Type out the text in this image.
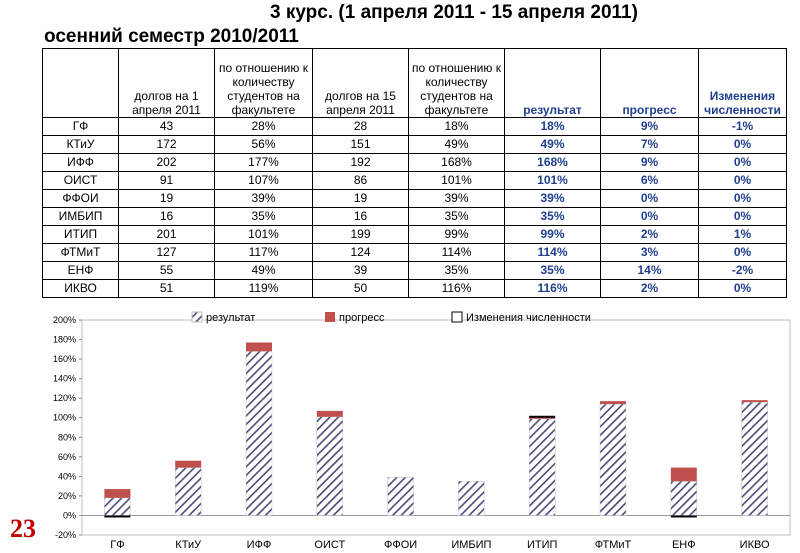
3 курс. (1 апреля 2011 - 15 апреля 2011)
осенний семестр 2010/2011
	долгов на 1 апреля 2011	по отношению к количеству студентов на факультете	долгов на 15 апреля 2011	по отношению к количеству студентов на факультете	результат	прогресс	Изменения численности
ГФ	43	28%	28	18%	18%	9%	-1%
КТиУ	172	56%	151	49%	49%	7%	0%
ИФФ	202	177%	192	168%	168%	9%	0%
ОИСТ	91	107%	86	101%	101%	6%	0%
ФФОИ	19	39%	19	39%	39%	0%	0%
ИМБИП	16	35%	16	35%	35%	0%	0%
ИТИП	201	101%	199	99%	99%	2%	1%
ФТМиТ	127	117%	124	114%	114%	3%	0%
ЕНФ	55	49%	39	35%	35%	14%	-2%
ИКВО	51	119%	50	116%	116%	2%	0%
-20%
0%
20%
40%
60%
80%
100%
120%
140%
160%
180%
200%
ГФ	КТиУ	ИФФ	ОИСТ	ФФОИ	ИМБИП	ИТИП	ФТМиТ	ЕНФ	ИКВО
результат	прогресс	Изменения численности
23
